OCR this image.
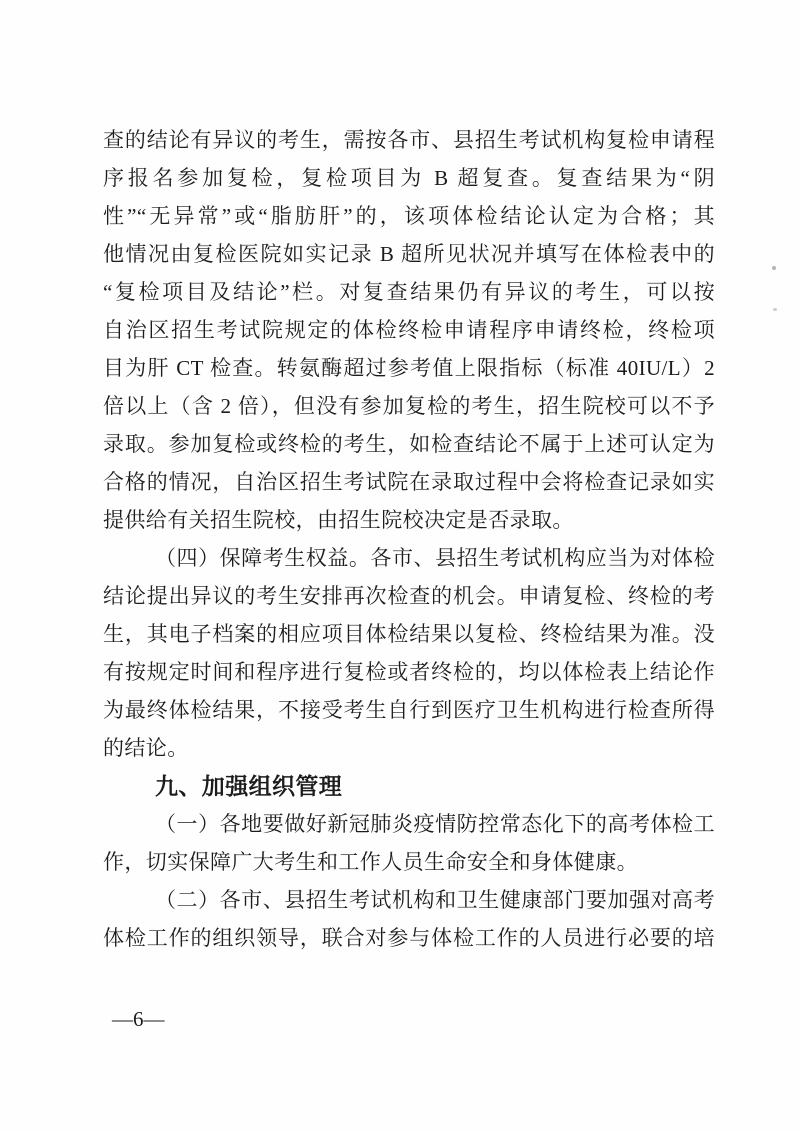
查的结论有异议的考生，需按各市、县招生考试机构复检申请程
序报名参加复检，复检项目为 B 超复查。复查结果为“阴
性”“无异常”或“脂肪肝”的，该项体检结论认定为合格；其
他情况由复检医院如实记录 B 超所见状况并填写在体检表中的
“复检项目及结论”栏。对复查结果仍有异议的考生，可以按
自治区招生考试院规定的体检终检申请程序申请终检，终检项
目为肝 CT 检查。转氨酶超过参考值上限指标（标准 40IU/L）2
倍以上（含 2 倍），但没有参加复检的考生，招生院校可以不予
录取。参加复检或终检的考生，如检查结论不属于上述可认定为
合格的情况，自治区招生考试院在录取过程中会将检查记录如实
提供给有关招生院校，由招生院校决定是否录取。
（四）保障考生权益。各市、县招生考试机构应当为对体检
结论提出异议的考生安排再次检查的机会。申请复检、终检的考
生，其电子档案的相应项目体检结果以复检、终检结果为准。没
有按规定时间和程序进行复检或者终检的，均以体检表上结论作
为最终体检结果，不接受考生自行到医疗卫生机构进行检查所得
的结论。
九、加强组织管理
（一）各地要做好新冠肺炎疫情防控常态化下的高考体检工
作，切实保障广大考生和工作人员生命安全和身体健康。
（二）各市、县招生考试机构和卫生健康部门要加强对高考
体检工作的组织领导，联合对参与体检工作的人员进行必要的培
—6—
